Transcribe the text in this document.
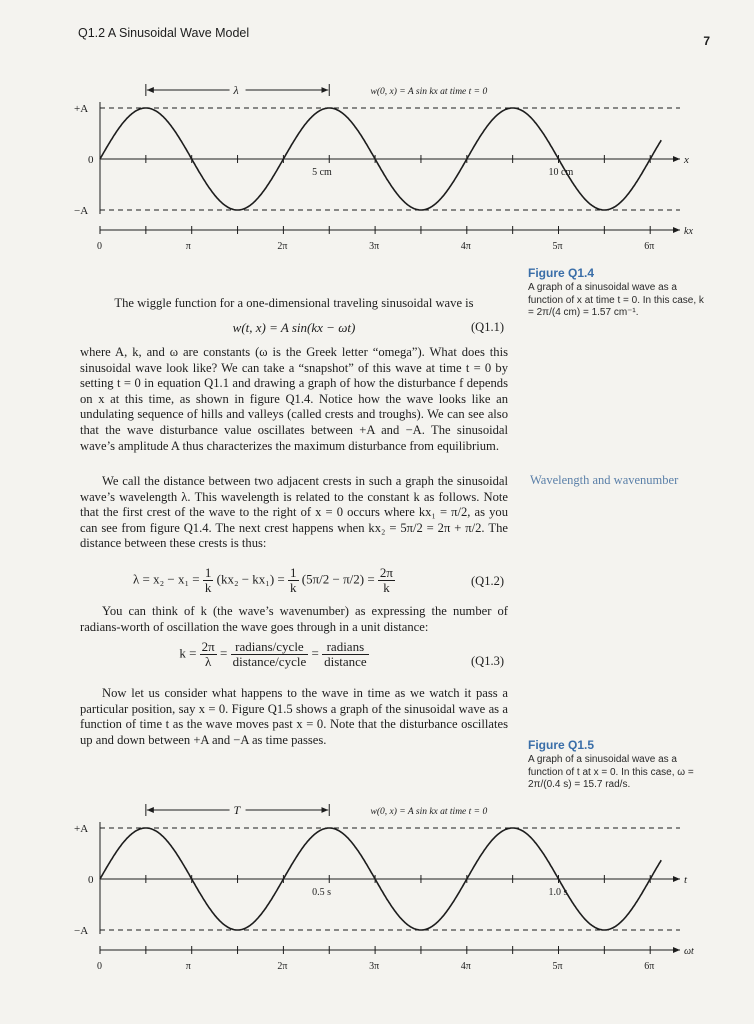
Q1.2 A Sinusoidal Wave Model
7
+A
0
−A
x
5 cm	10 cm
λ	w(0, x) = A sin kx at time t = 0
kx
0	π	2π	3π	4π	5π	6π
Figure Q1.4
A graph of a sinusoidal wave as a function of x at time t = 0. In this case, k = 2π/(4 cm) = 1.57 cm⁻¹.
Wavelength and wavenumber
The wiggle function for a one-dimensional traveling sinusoidal wave is
w(t, x) = A sin(kx − ωt)	(Q1.1)
where A, k, and ω are constants (ω is the Greek letter “omega”). What does this sinusoidal wave look like? We can take a “snapshot” of this wave at time t = 0 by setting t = 0 in equation Q1.1 and drawing a graph of how the disturbance f depends on x at this time, as shown in figure Q1.4. Notice how the wave looks like an undulating sequence of hills and valleys (called crests and troughs). We can see also that the wave disturbance value oscillates between +A and −A. The sinusoidal wave’s amplitude A thus characterizes the maximum disturbance from equilibrium.
We call the distance between two adjacent crests in such a graph the sinusoidal wave’s wavelength λ. This wavelength is related to the constant k as follows. Note that the first crest of the wave to the right of x = 0 occurs where kx₁ = π/2, as you can see from figure Q1.4. The next crest happens when kx₂ = 5π/2 = 2π + π/2. The distance between these crests is thus:
$\lambda = x_2 - x_1 = \frac{1}{k} (kx_2 - kx_1) = \frac{1}{k} (5\pi/2 - \pi/2) = \frac{2\pi}{k}$	(Q1.2)
You can think of k (the wave’s wavenumber) as expressing the number of radians-worth of oscillation the wave goes through in a unit distance:
$k = \frac{2\pi}{\lambda} = \frac{\text{radians/cycle}}{\text{distance/cycle}} = \frac{\text{radians}}{\text{distance}}$	(Q1.3)
Now let us consider what happens to the wave in time as we watch it pass a particular position, say x = 0. Figure Q1.5 shows a graph of the sinusoidal wave as a function of time t as the wave moves past x = 0. Note that the disturbance oscillates up and down between +A and −A as time passes.	Figure Q1.5
A graph of a sinusoidal wave as a function of t at x = 0. In this case, ω = 2π/(0.4 s) = 15.7 rad/s.
+A
0
−A
t
0.5 s	1.0 s
T	w(0, x) = A sin kx at time t = 0
ωt
0	π	2π	3π	4π	5π	6π
